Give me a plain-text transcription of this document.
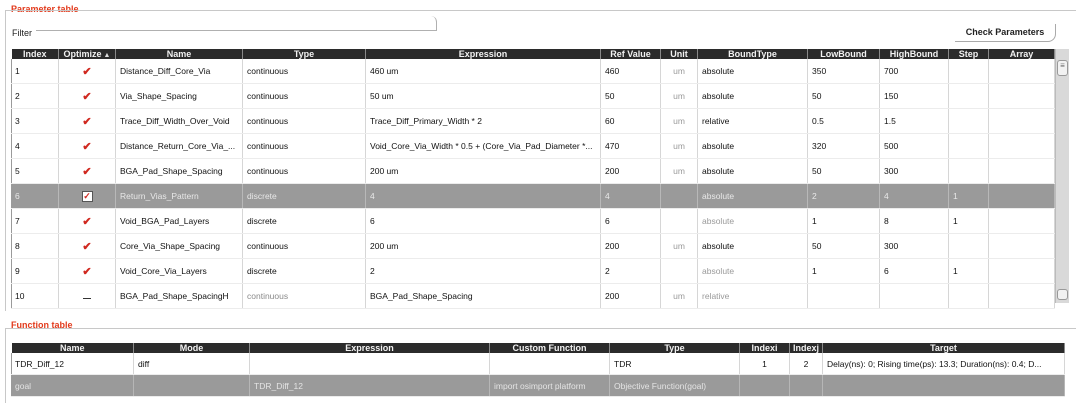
Parameter table
Filter	Check Parameters
Index	Optimize ▲	Name	Type	Expression	Ref Value	Unit	BoundType	LowBound	HighBound	Step	Array
1	✔	Distance_Diff_Core_Via	continuous	460 um	460	um	absolute	350	700		
2	✔	Via_Shape_Spacing	continuous	50 um	50	um	absolute	50	150		
3	✔	Trace_Diff_Width_Over_Void	continuous	Trace_Diff_Primary_Width * 2	60	um	relative	0.5	1.5		
4	✔	Distance_Return_Core_Via_...	continuous	Void_Core_Via_Width * 0.5 + (Core_Via_Pad_Diameter *...	470	um	absolute	320	500		
5	✔	BGA_Pad_Shape_Spacing	continuous	200 um	200	um	absolute	50	300		
6	✓	Return_Vias_Pattern	discrete	4	4		absolute	2	4	1	
7	✔	Void_BGA_Pad_Layers	discrete	6	6		absolute	1	8	1	
8	✔	Core_Via_Shape_Spacing	continuous	200 um	200	um	absolute	50	300		
9	✔	Void_Core_Via_Layers	discrete	2	2		absolute	1	6	1	
10		BGA_Pad_Shape_SpacingH	continuous	BGA_Pad_Shape_Spacing	200	um	relative				
≡
Function table
Name	Mode	Expression	Custom Function	Type	Indexi	Indexj	Target
TDR_Diff_12	diff			TDR	1	2	Delay(ns): 0; Rising time(ps): 13.3; Duration(ns): 0.4; D...
goal		TDR_Diff_12	import osimport platform	Objective Function(goal)			
